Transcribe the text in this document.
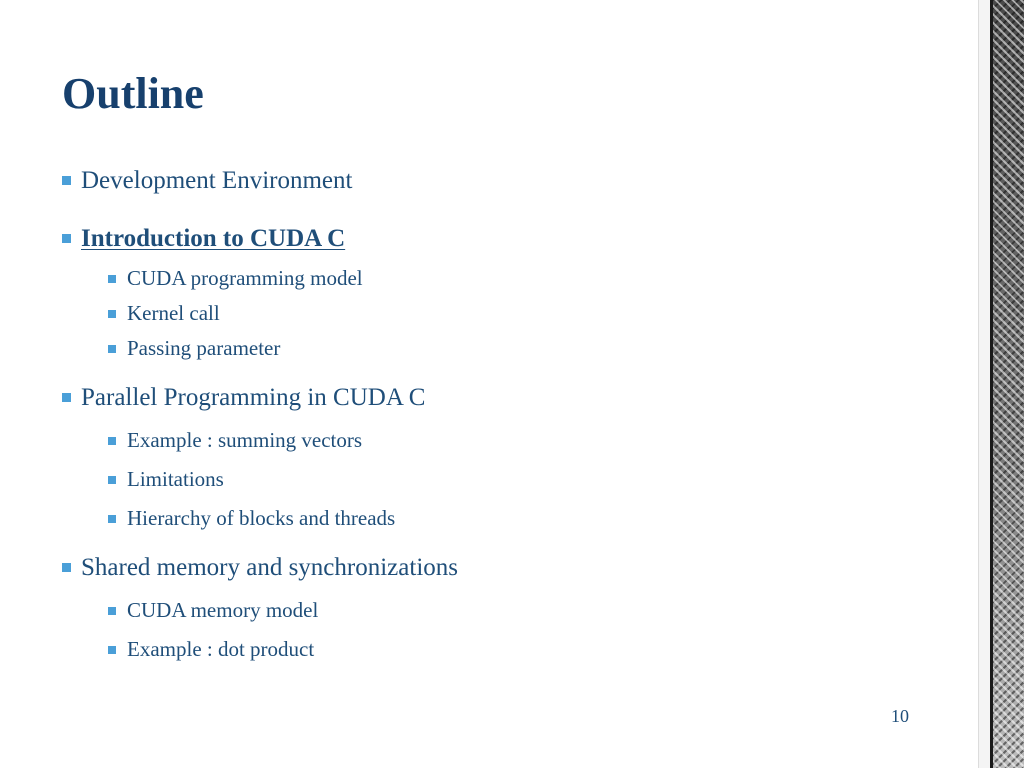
Outline
Development Environment
Introduction to CUDA C
CUDA programming model
Kernel call
Passing parameter
Parallel Programming in CUDA C
Example : summing vectors
Limitations
Hierarchy of blocks and threads
Shared memory and synchronizations
CUDA memory model
Example : dot product
10
